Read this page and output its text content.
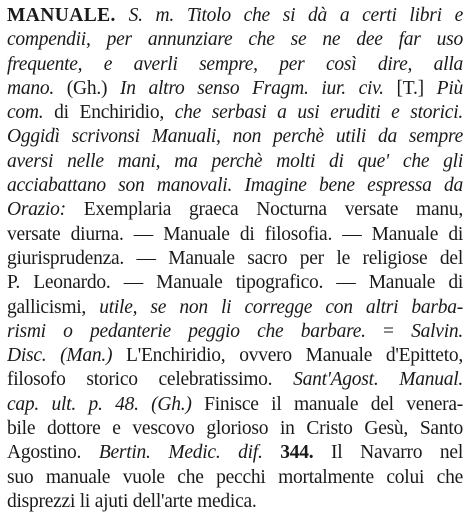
MANUALE. S. m. Titolo che si dà a certi libri e
compendii, per annunziare che se ne dee far uso
frequente, e averli sempre, per così dire, alla
mano. (Gh.) In altro senso Fragm. iur. civ. [T.] Più
com. di Enchiridio, che serbasi a usi eruditi e storici.
Oggidì scrivonsi Manuali, non perchè utili da sempre
aversi nelle mani, ma perchè molti di que' che gli
acciabattano son manovali. Imagine bene espressa da
Orazio: Exemplaria graeca Nocturna versate manu,
versate diurna. — Manuale di filosofia. — Manuale di
giurisprudenza. — Manuale sacro per le religiose del
P. Leonardo. — Manuale tipografico. — Manuale di
gallicismi, utile, se non li corregge con altri barba-
rismi o pedanterie peggio che barbare. = Salvin.
Disc. (Man.) L'Enchiridio, ovvero Manuale d'Epitteto,
filosofo storico celebratissimo. Sant'Agost. Manual.
cap. ult. p. 48. (Gh.) Finisce il manuale del venera-
bile dottore e vescovo glorioso in Cristo Gesù, Santo
Agostino. Bertin. Medic. dif. 344. Il Navarro nel
suo manuale vuole che pecchi mortalmente colui che
disprezzi li ajuti dell'arte medica.
